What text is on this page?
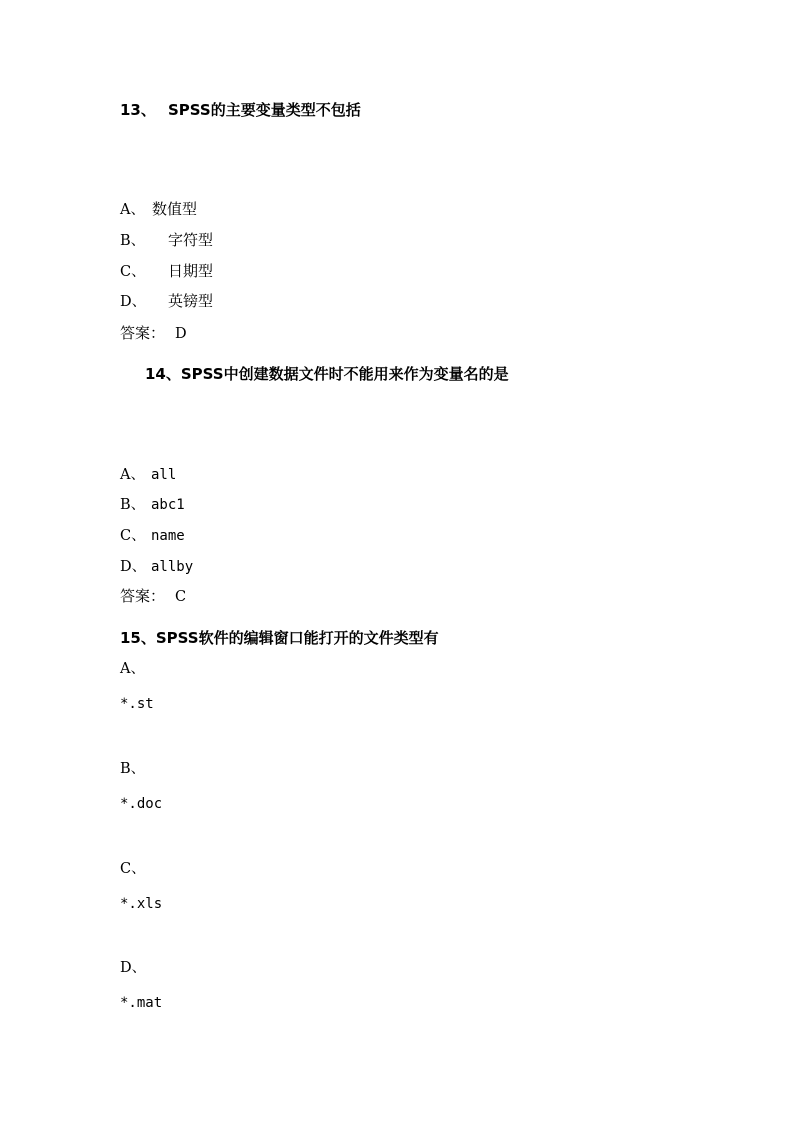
13、 SPSS的主要变量类型不包括
A、 数值型
B、 字符型
C、 日期型
D、 英镑型
答案： D
14、SPSS中创建数据文件时不能用来作为变量名的是
A、 all
B、 abc1
C、 name
D、 allby
答案： C
15、SPSS软件的编辑窗口能打开的文件类型有
A、
*.st
B、
*.doc
C、
*.xls
D、
*.mat
